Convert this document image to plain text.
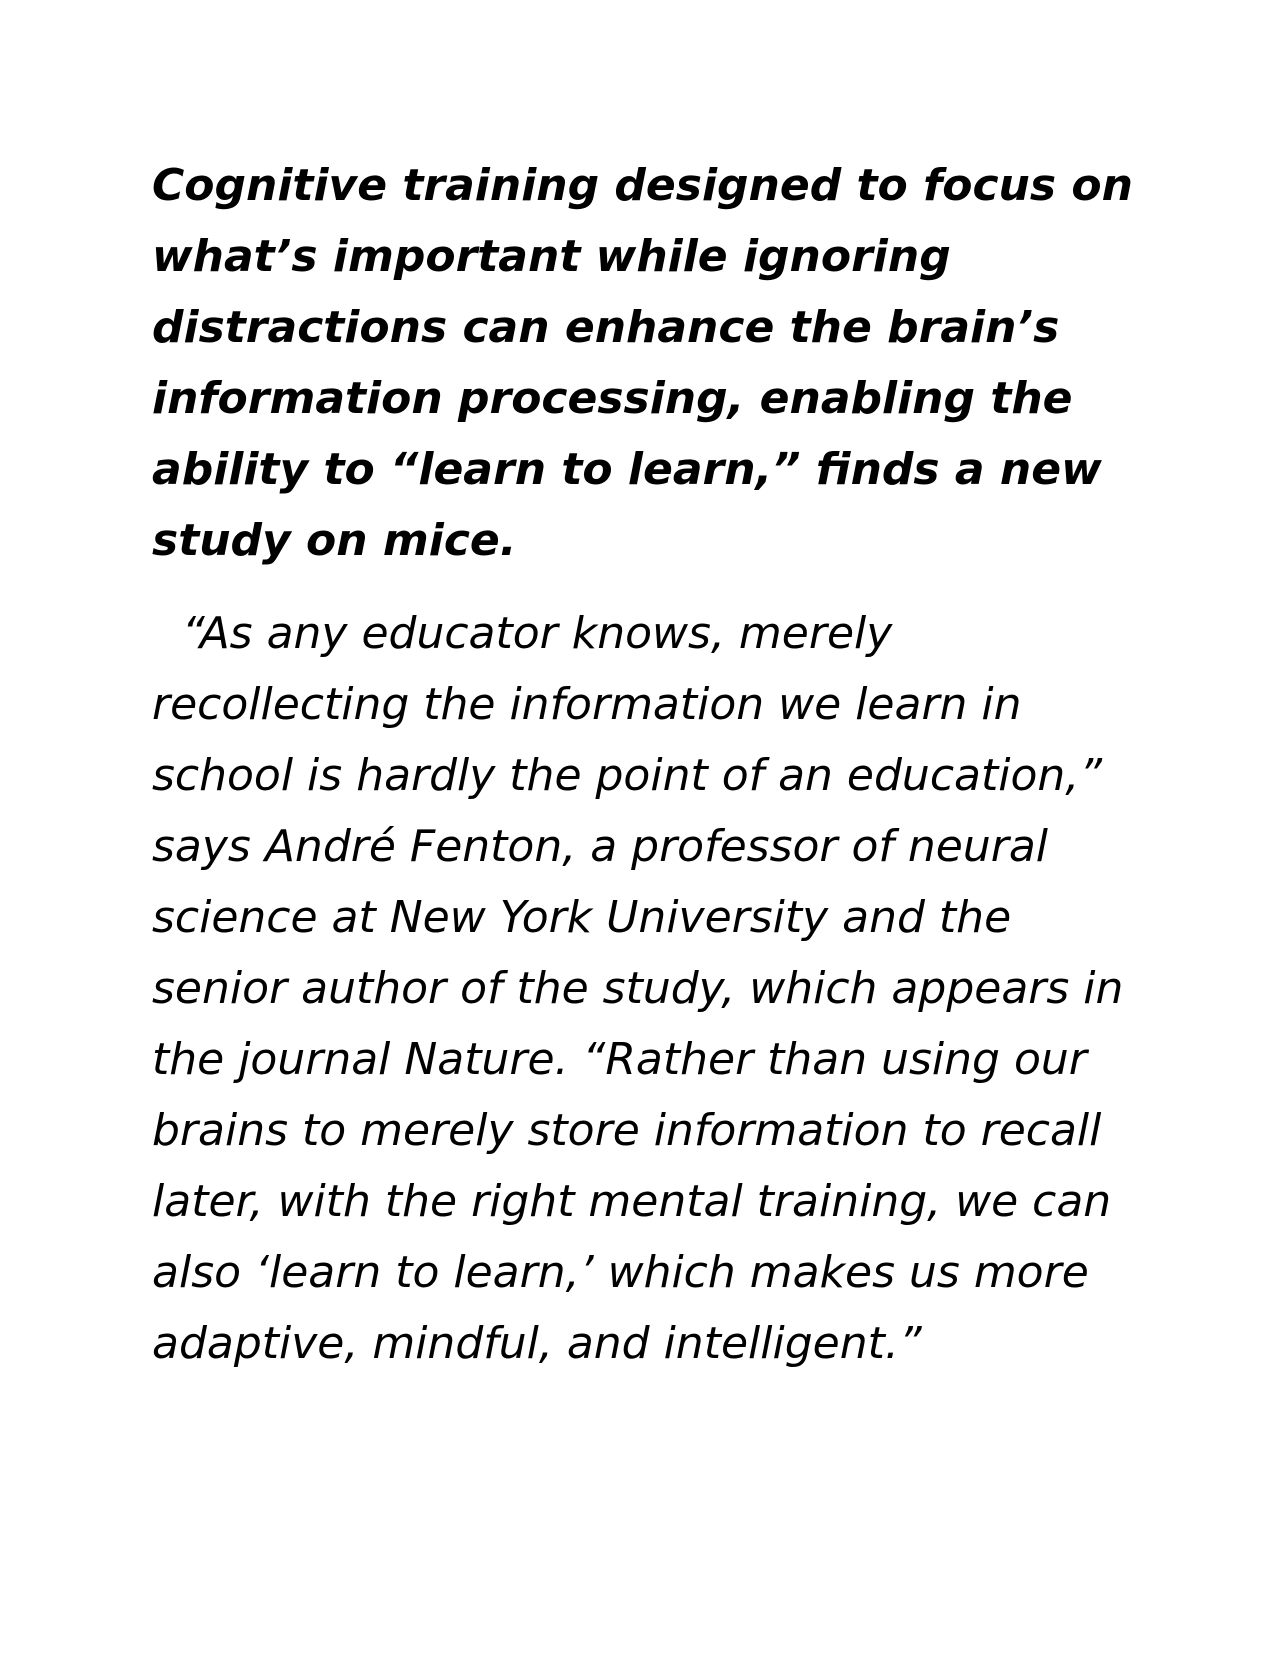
Cognitive training designed to focus on
what’s important while ignoring
distractions can enhance the brain’s
information processing, enabling the
ability to “learn to learn,” finds a new
study on mice.

“As any educator knows, merely
recollecting the information we learn in
school is hardly the point of an education,”
says André Fenton, a professor of neural
science at New York University and the
senior author of the study, which appears in
the journal Nature. “Rather than using our
brains to merely store information to recall
later, with the right mental training, we can
also ‘learn to learn,’ which makes us more
adaptive, mindful, and intelligent.”
